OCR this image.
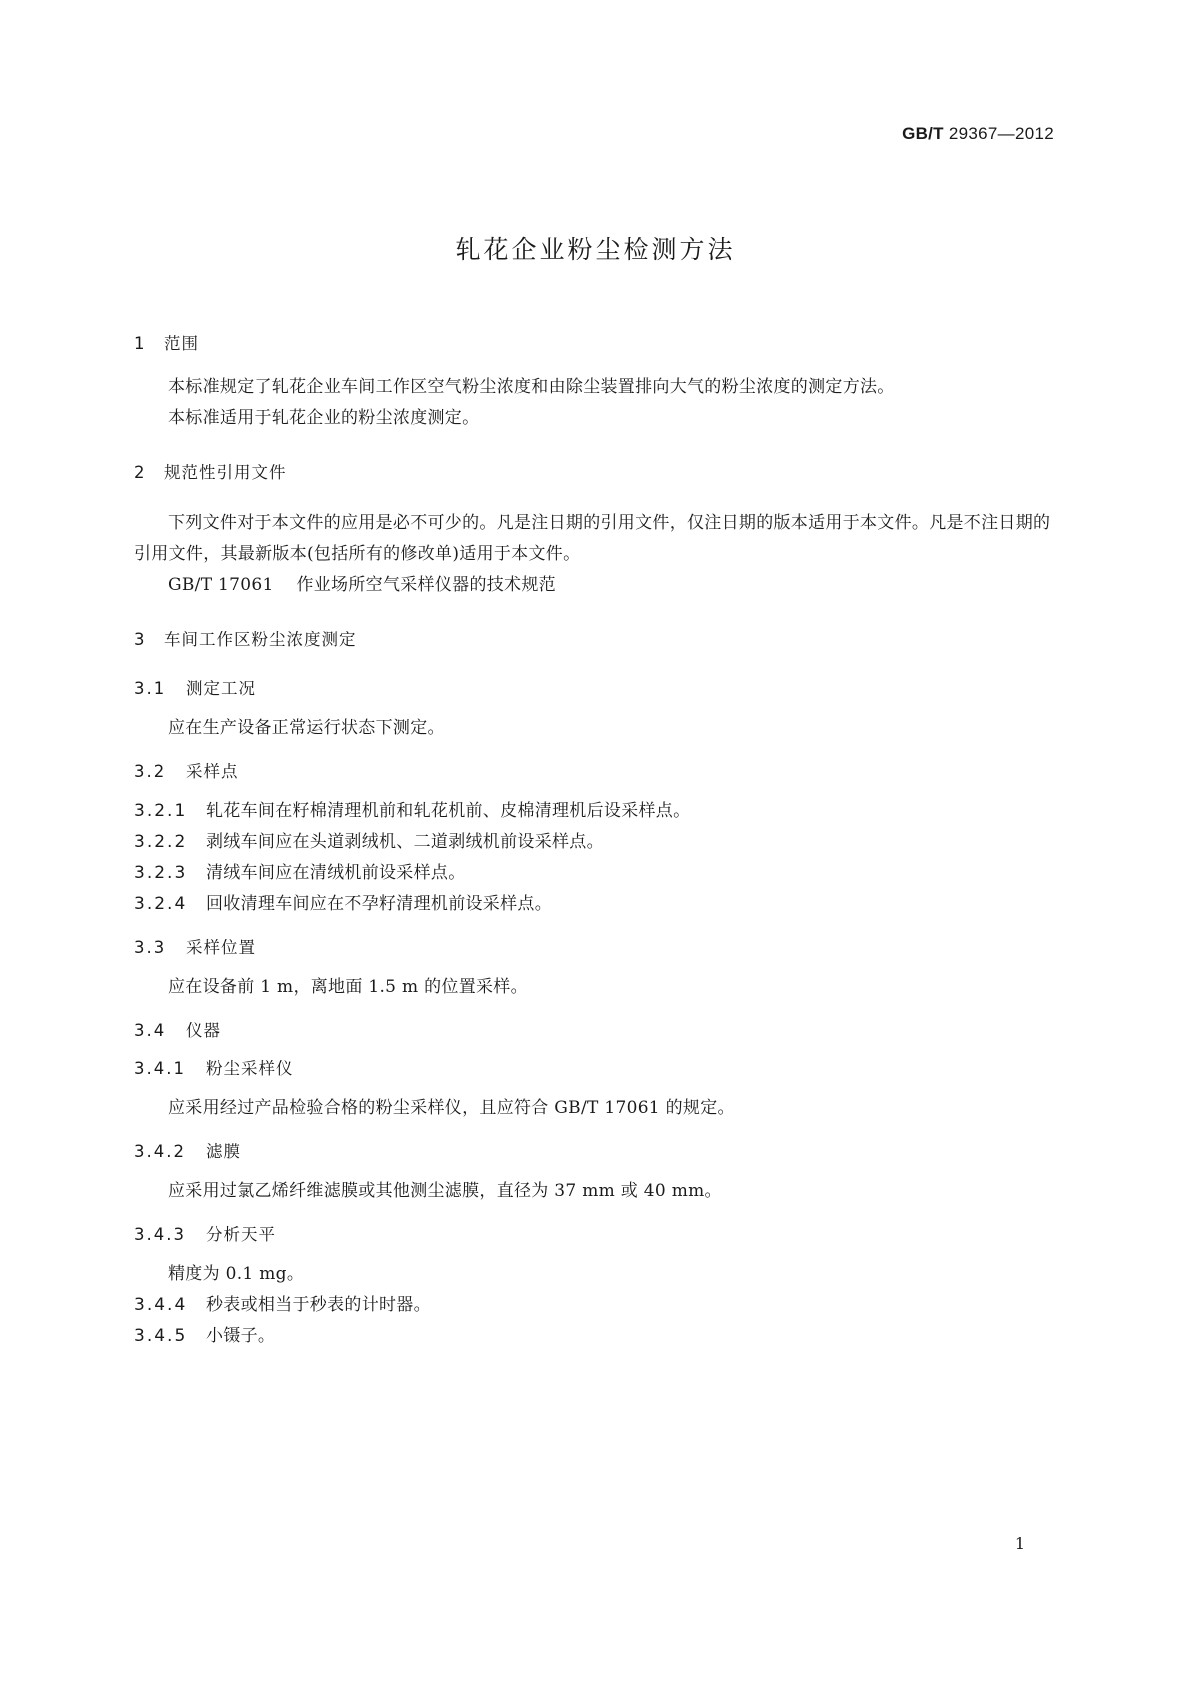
GB/T 29367—2012
轧花企业粉尘检测方法

1 范围

本标准规定了轧花企业车间工作区空气粉尘浓度和由除尘装置排向大气的粉尘浓度的测定方法。

本标准适用于轧花企业的粉尘浓度测定。

2 规范性引用文件

下列文件对于本文件的应用是必不可少的。凡是注日期的引用文件，仅注日期的版本适用于本文件。凡是不注日期的引用文件，其最新版本(包括所有的修改单)适用于本文件。

GB/T 17061 作业场所空气采样仪器的技术规范

3 车间工作区粉尘浓度测定

3.1 测定工况

应在生产设备正常运行状态下测定。

3.2 采样点

3.2.1 轧花车间在籽棉清理机前和轧花机前、皮棉清理机后设采样点。

3.2.2 剥绒车间应在头道剥绒机、二道剥绒机前设采样点。

3.2.3 清绒车间应在清绒机前设采样点。

3.2.4 回收清理车间应在不孕籽清理机前设采样点。

3.3 采样位置

应在设备前 1 m，离地面 1.5 m 的位置采样。

3.4 仪器

3.4.1 粉尘采样仪

应采用经过产品检验合格的粉尘采样仪，且应符合 GB/T 17061 的规定。

3.4.2 滤膜

应采用过氯乙烯纤维滤膜或其他测尘滤膜，直径为 37 mm 或 40 mm。

3.4.3 分析天平

精度为 0.1 mg。

3.4.4 秒表或相当于秒表的计时器。

3.4.5 小镊子。

1
